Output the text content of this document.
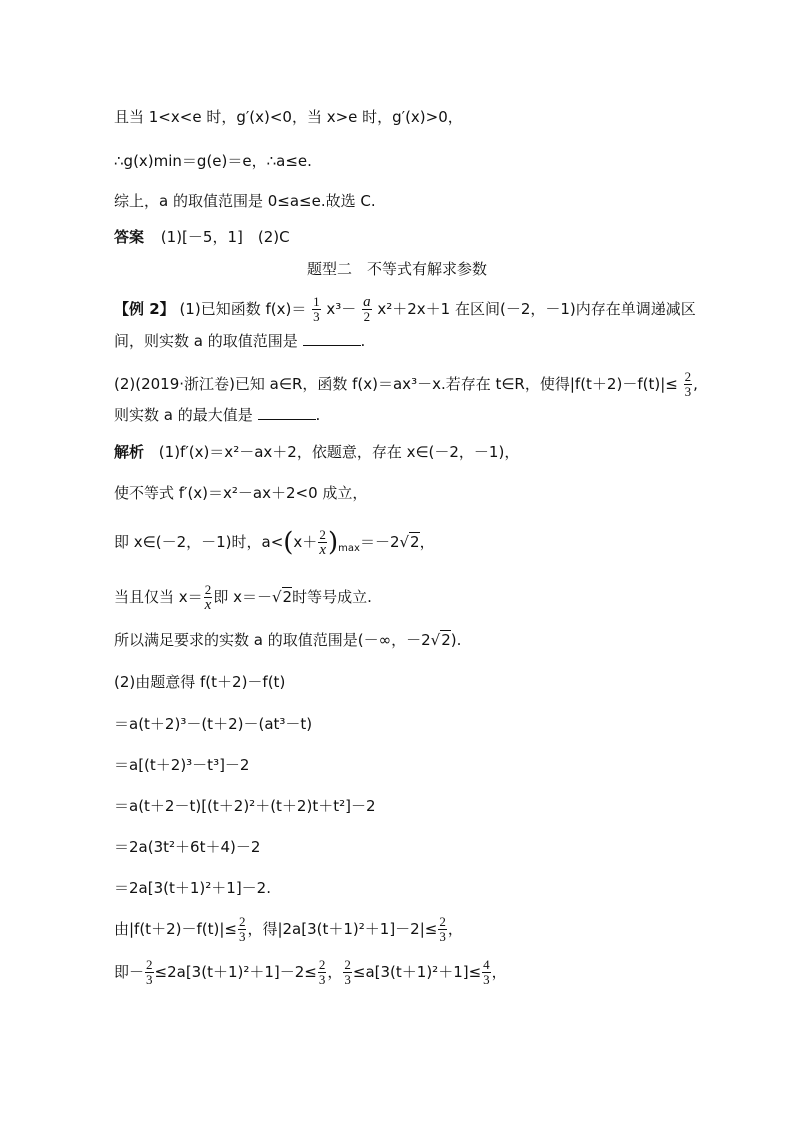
且当 1<x<e 时，g′(x)<0，当 x>e 时，g′(x)>0，
∴g(x)min＝g(e)＝e，∴a≤e.
综上，a 的取值范围是 0≤a≤e.故选 C.
答案 (1)[－5，1]　(2)C
题型二　不等式有解求参数
【例 2】 (1)已知函数 $f(x)= \frac{1}{3} x^3- \frac{a}{2} x^2+2x+1$ 在区间(－2，－1)内存在单调递减区
间，则实数 a 的取值范围是	.
(2)(2019·浙江卷)已知 a∈R，函数 f(x)＝ax³－x.若存在 t∈R，使得$|f(t+2)-f(t)|\le \frac{2}{3}$ ,
则实数 a 的最大值是	.
解析 (1)f′(x)＝x²－ax＋2，依题意，存在 x∈(－2，－1)，
使不等式 f′(x)＝x²－ax＋2<0 成立，
即 x∈(－2，－1)时，$a<(x+ \frac{2}{x} )_{max}=-2√2$，
当且仅当 $x= \frac{2}{x}$ 即 x＝－√2时等号成立.
所以满足要求的实数 a 的取值范围是(－∞，－2√2).
(2)由题意得 f(t＋2)－f(t)
＝a(t＋2)³－(t＋2)－(at³－t)
＝a[(t＋2)³－t³]－2
＝a(t＋2－t)[(t＋2)²＋(t＋2)t＋t²]－2
＝2a(3t²＋6t＋4)－2
＝2a[3(t＋1)²＋1]－2.
由$|f(t+2)-f(t)|\le \frac{2}{3}$ ，得$|2a[3(t+1)^2+1]-2|\le \frac{2}{3}$ ，
即－ $\frac{2}{3} \le 2a[3(t+1)^2+1]-2\le \frac{2}{3}$ ， $\frac{2}{3} \le a[3(t+1)^2+1]\le \frac{4}{3}$ ，
